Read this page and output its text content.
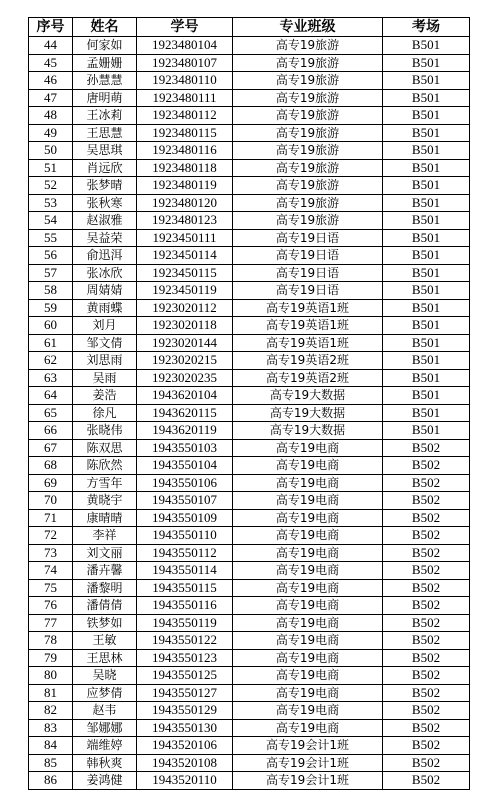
序号	姓名	学号	专业班级	考场
44	何家如	1923480104	高专19旅游	B501
45	孟姗姗	1923480107	高专19旅游	B501
46	孙慧慧	1923480110	高专19旅游	B501
47	唐明萌	1923480111	高专19旅游	B501
48	王冰莉	1923480112	高专19旅游	B501
49	王思慧	1923480115	高专19旅游	B501
50	吴思琪	1923480116	高专19旅游	B501
51	肖远欣	1923480118	高专19旅游	B501
52	张梦晴	1923480119	高专19旅游	B501
53	张秋寒	1923480120	高专19旅游	B501
54	赵淑雅	1923480123	高专19旅游	B501
55	吴益荣	1923450111	高专19日语	B501
56	俞迅洱	1923450114	高专19日语	B501
57	张冰欣	1923450115	高专19日语	B501
58	周婧婧	1923450119	高专19日语	B501
59	黄雨蝶	1923020112	高专19英语1班	B501
60	刘月	1923020118	高专19英语1班	B501
61	邹文倩	1923020144	高专19英语1班	B501
62	刘思雨	1923020215	高专19英语2班	B501
63	吴雨	1923020235	高专19英语2班	B501
64	姜浩	1943620104	高专19大数据	B501
65	徐凡	1943620115	高专19大数据	B501
66	张晓伟	1943620119	高专19大数据	B501
67	陈双思	1943550103	高专19电商	B502
68	陈欣然	1943550104	高专19电商	B502
69	方雪年	1943550106	高专19电商	B502
70	黄晓宇	1943550107	高专19电商	B502
71	康晴晴	1943550109	高专19电商	B502
72	李祥	1943550110	高专19电商	B502
73	刘文丽	1943550112	高专19电商	B502
74	潘卉馨	1943550114	高专19电商	B502
75	潘黎明	1943550115	高专19电商	B502
76	潘倩倩	1943550116	高专19电商	B502
77	铁梦如	1943550119	高专19电商	B502
78	王敏	1943550122	高专19电商	B502
79	王思林	1943550123	高专19电商	B502
80	吴晓	1943550125	高专19电商	B502
81	应梦倩	1943550127	高专19电商	B502
82	赵韦	1943550129	高专19电商	B502
83	邹娜娜	1943550130	高专19电商	B502
84	端维婷	1943520106	高专19会计1班	B502
85	韩秋爽	1943520108	高专19会计1班	B502
86	姜鸿健	1943520110	高专19会计1班	B502
